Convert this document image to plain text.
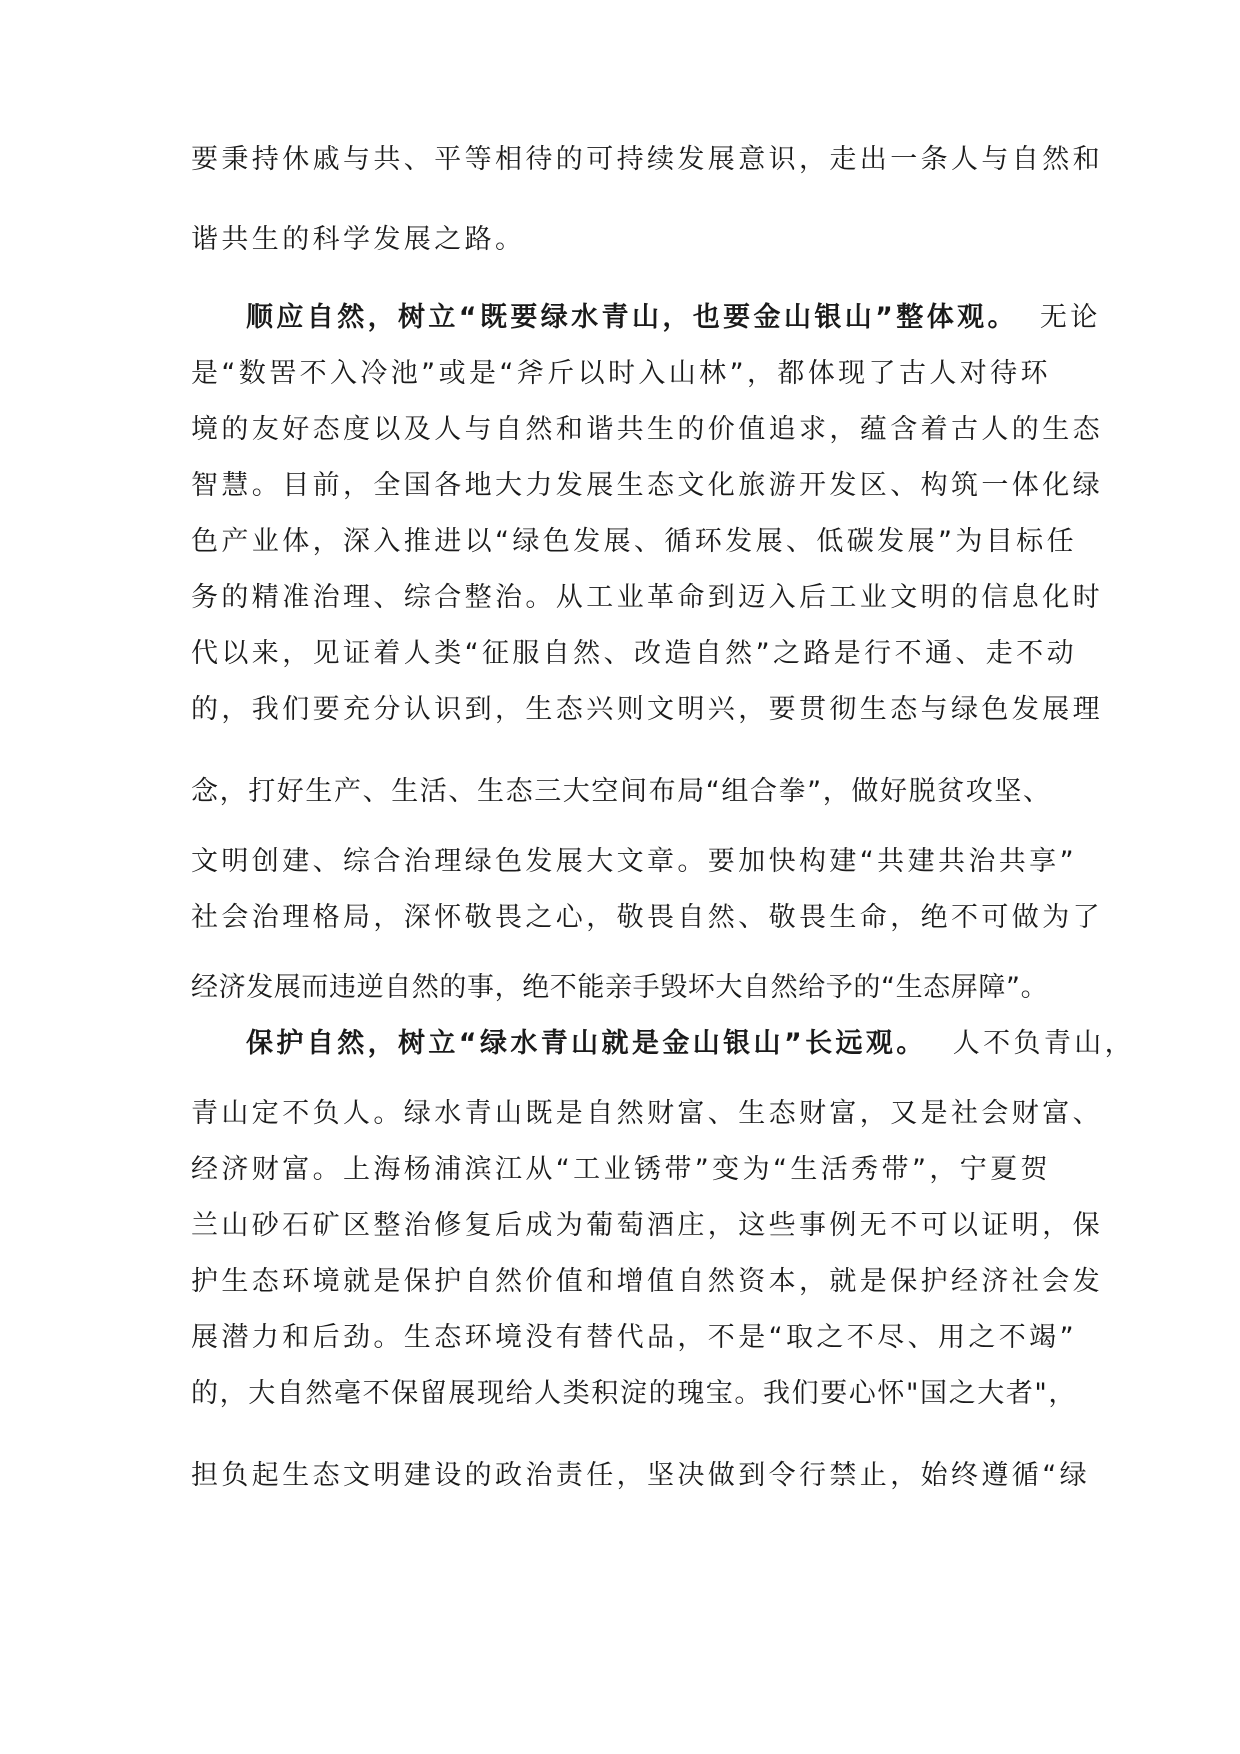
要秉持休戚与共、平等相待的可持续发展意识，走出一条人与自然和
谐共生的科学发展之路。
顺应自然，树立“既要绿水青山，也要金山银山”整体观。 无论
是“数罟不入冷池”或是“斧斤以时入山林”，都体现了古人对待环
境的友好态度以及人与自然和谐共生的价值追求，蕴含着古人的生态
智慧。目前，全国各地大力发展生态文化旅游开发区、构筑一体化绿
色产业体，深入推进以“绿色发展、循环发展、低碳发展”为目标任
务的精准治理、综合整治。从工业革命到迈入后工业文明的信息化时
代以来，见证着人类“征服自然、改造自然”之路是行不通、走不动
的，我们要充分认识到，生态兴则文明兴，要贯彻生态与绿色发展理
念，打好生产、生活、生态三大空间布局“组合拳”，做好脱贫攻坚、
文明创建、综合治理绿色发展大文章。要加快构建“共建共治共享”
社会治理格局，深怀敬畏之心，敬畏自然、敬畏生命，绝不可做为了
经济发展而违逆自然的事，绝不能亲手毁坏大自然给予的“生态屏障”。
保护自然，树立“绿水青山就是金山银山”长远观。 人不负青山，
青山定不负人。绿水青山既是自然财富、生态财富，又是社会财富、
经济财富。上海杨浦滨江从“工业锈带”变为“生活秀带”，宁夏贺
兰山砂石矿区整治修复后成为葡萄酒庄，这些事例无不可以证明，保
护生态环境就是保护自然价值和增值自然资本，就是保护经济社会发
展潜力和后劲。生态环境没有替代品，不是“取之不尽、用之不竭”
的，大自然毫不保留展现给人类积淀的瑰宝。我们要心怀"国之大者"，
担负起生态文明建设的政治责任，坚决做到令行禁止，始终遵循“绿
